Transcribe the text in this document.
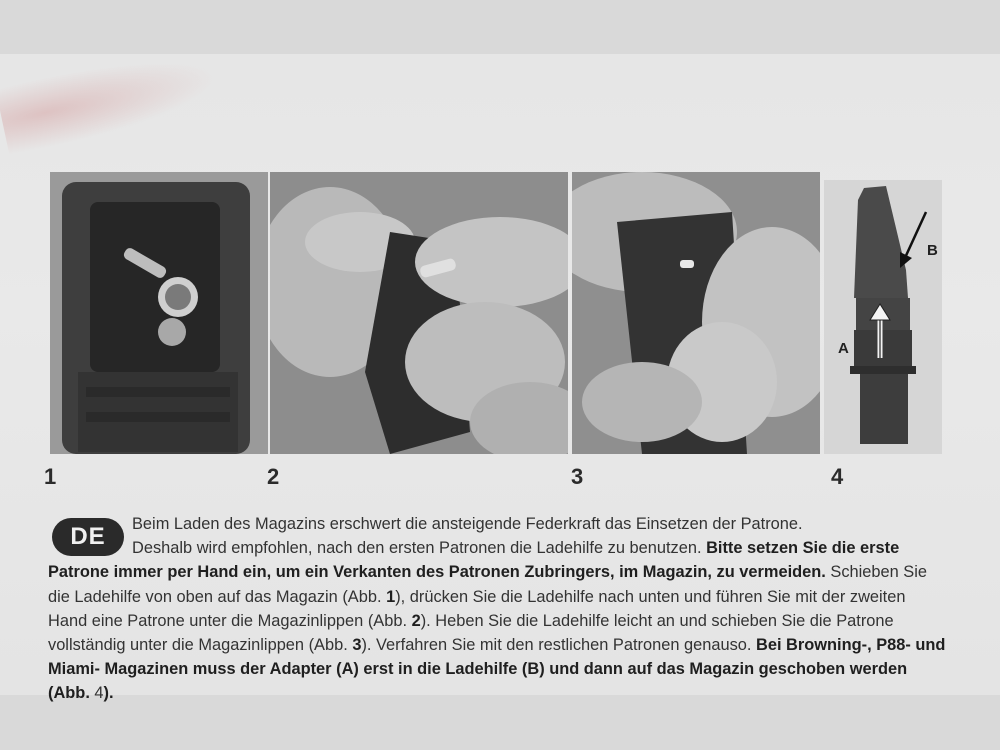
B
A
1	2	3	4
DE	Beim Laden des Magazins erschwert die ansteigende Federkraft das Einsetzen der Patrone.
Deshalb wird empfohlen, nach den ersten Patronen die Ladehilfe zu benutzen. Bitte setzen Sie die erste Patrone immer per Hand ein, um ein Verkanten des Patronen Zubringers, im Magazin, zu vermeiden. Schieben Sie die Ladehilfe von oben auf das Magazin (Abb. 1), drücken Sie die Ladehilfe nach unten und führen Sie mit der zweiten Hand eine Patrone unter die Magazinlippen (Abb. 2). Heben Sie die Ladehilfe leicht an und schieben Sie die Patrone vollständig unter die Magazinlippen (Abb. 3). Verfahren Sie mit den restlichen Patronen genauso. Bei Browning-, P88- und Miami- Magazinen muss der Adapter (A) erst in die Ladehilfe (B) und dann auf das Magazin geschoben werden (Abb. 4).
